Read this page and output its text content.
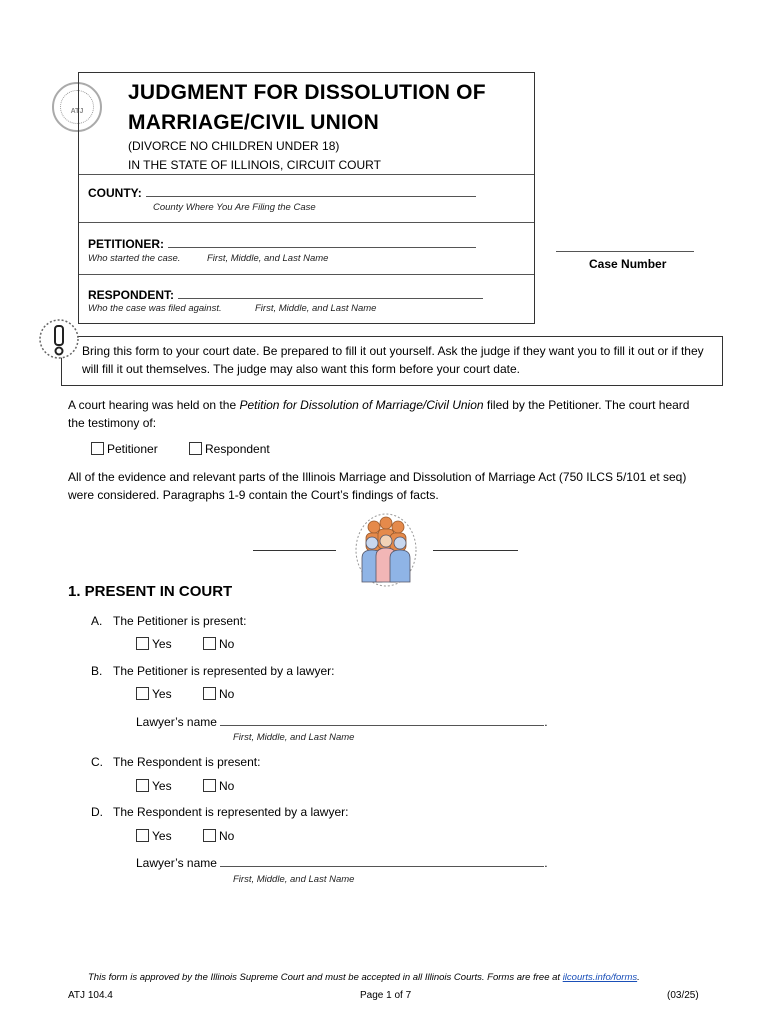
ATJ
JUDGMENT FOR DISSOLUTION OF
MARRIAGE/CIVIL UNION
(DIVORCE NO CHILDREN UNDER 18)
IN THE STATE OF ILLINOIS, CIRCUIT COURT
COUNTY:
County Where You Are Filing the Case
PETITIONER:
Who started the case.	First, Middle, and Last Name
RESPONDENT:
Who the case was filed against.	First, Middle, and Last Name
Case Number
Bring this form to your court date. Be prepared to fill it out yourself. Ask the judge if they want you to fill it out or if they will fill it out themselves. The judge may also want this form before your court date.
A court hearing was held on the Petition for Dissolution of Marriage/Civil Union filed by the Petitioner. The court heard the testimony of:
Petitioner	Respondent
All of the evidence and relevant parts of the Illinois Marriage and Dissolution of Marriage Act (750 ILCS 5/101 et seq) were considered. Paragraphs 1-9 contain the Court’s findings of facts.
1. PRESENT IN COURT
A. The Petitioner is present:
Yes	No
B. The Petitioner is represented by a lawyer:
Yes	No
Lawyer’s name	.
First, Middle, and Last Name
C. The Respondent is present:
Yes	No
D. The Respondent is represented by a lawyer:
Yes	No
Lawyer’s name	.
First, Middle, and Last Name
This form is approved by the Illinois Supreme Court and must be accepted in all Illinois Courts. Forms are free at ilcourts.info/forms.
ATJ 104.4	Page 1 of 7	(03/25)
